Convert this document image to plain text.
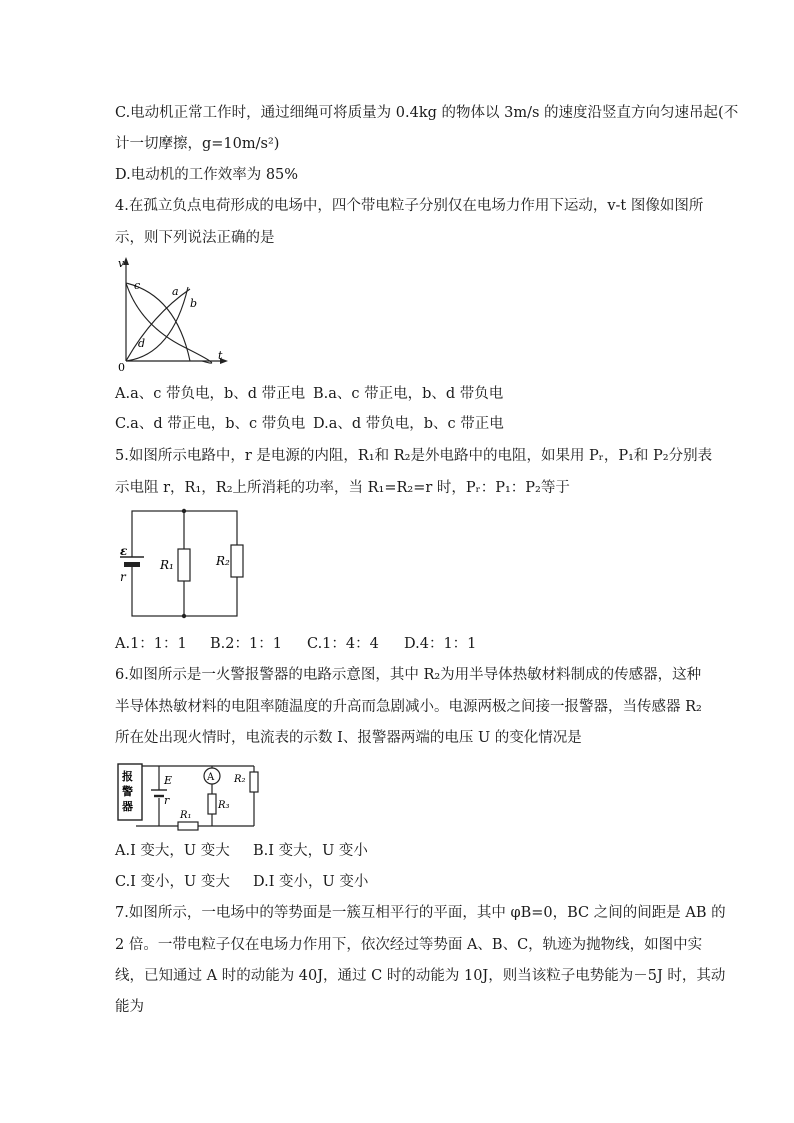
C.电动机正常工作时，通过细绳可将质量为 0.4kg 的物体以 3m/s 的速度沿竖直方向匀速吊起(不
计一切摩擦，g=10m/s²)
D.电动机的工作效率为 85%
4.在孤立负点电荷形成的电场中，四个带电粒子分别仅在电场力作用下运动，v-t 图像如图所
示，则下列说法正确的是
v
t
0
c	a
b
d
A.a、c 带负电，b、d 带正电 B.a、c 带正电，b、d 带负电
C.a、d 带正电，b、c 带负电 D.a、d 带负电，b、c 带正电
5.如图所示电路中，r 是电源的内阻，R₁和 R₂是外电路中的电阻，如果用 Pᵣ，P₁和 P₂分别表
示电阻 r，R₁，R₂上所消耗的功率，当 R₁=R₂=r 时，Pᵣ：P₁：P₂等于
ε
r
R₁	R₂
A.1：1：1 B.2：1：1 C.1：4：4 D.4：1：1
6.如图所示是一火警报警器的电路示意图，其中 R₂为用半导体热敏材料制成的传感器，这种
半导体热敏材料的电阻率随温度的升高而急剧减小。电源两极之间接一报警器，当传感器 R₂
所在处出现火情时，电流表的示数 I、报警器两端的电压 U 的变化情况是
报
警
器
E
r
A
R₃
R₂
R₁
A.I 变大，U 变大 B.I 变大，U 变小
C.I 变小，U 变大 D.I 变小，U 变小
7.如图所示，一电场中的等势面是一簇互相平行的平面，其中 φB=0，BC 之间的间距是 AB 的
2 倍。一带电粒子仅在电场力作用下，依次经过等势面 A、B、C，轨迹为抛物线，如图中实
线，已知通过 A 时的动能为 40J，通过 C 时的动能为 10J，则当该粒子电势能为－5J 时，其动
能为
